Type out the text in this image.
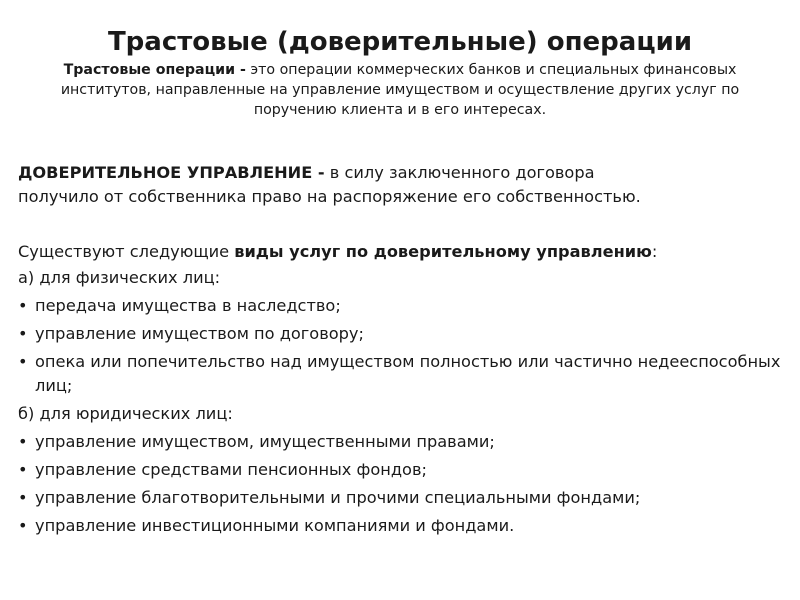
Трастовые (доверительные) операции
Трастовые операции - это операции коммерческих банков и специальных финансовых институтов, направленные на управление имуществом и осуществление других услуг по поручению клиента и в его интересах.
ДОВЕРИТЕЛЬНОЕ УПРАВЛЕНИЕ - в силу заключенного договора
получило от собственника право на распоряжение его собственностью.
Существуют следующие виды услуг по доверительному управлению:
а) для физических лиц:
• передача имущества в наследство;
• управление имуществом по договору;
• опека или попечительство над имуществом полностью или частично недееспособных лиц;
б) для юридических лиц:
• управление имуществом, имущественными правами;
• управление средствами пенсионных фондов;
• управление благотворительными и прочими специальными фондами;
• управление инвестиционными компаниями и фондами.
